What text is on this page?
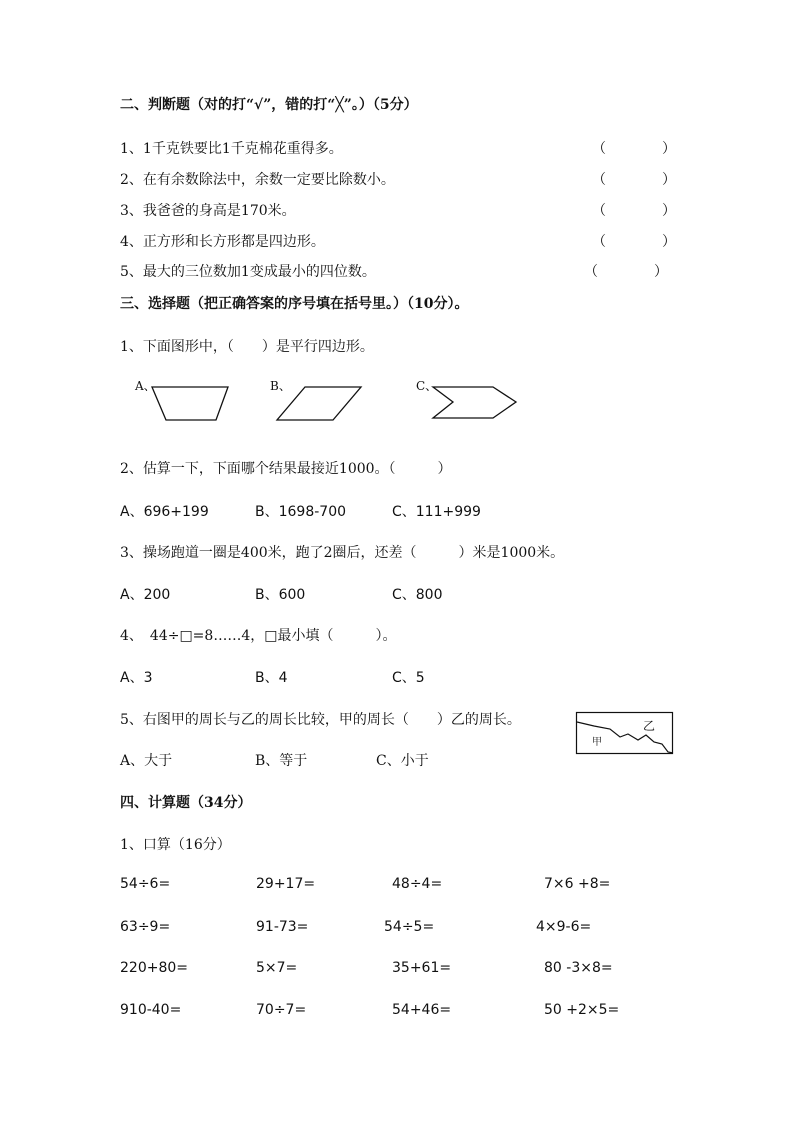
二、判断题（对的打“√”，错的打“╳”。）（5分）
1、1千克铁要比1千克棉花重得多。	（　　　　）
2、在有余数除法中，余数一定要比除数小。	（　　　　）
3、我爸爸的身高是170米。	（　　　　）
4、正方形和长方形都是四边形。	（　　　　）
5、最大的三位数加1变成最小的四位数。	（　　　　）
三、选择题（把正确答案的序号填在括号里。）（10分）。
1、下面图形中，（　　）是平行四边形。
A、	B、	C、
2、估算一下，下面哪个结果最接近1000。（　　　）
A、696+199	B、1698-700	C、111+999
3、操场跑道一圈是400米，跑了2圈后，还差（　　　）米是1000米。
A、200	B、600	C、800
4、　44÷□=8……4，□最小填（　　　）。
A、3	B、4	C、5
5、右图甲的周长与乙的周长比较，甲的周长（　　）乙的周长。	乙
甲
A、大于	B、等于	C、小于
四、计算题（34分）
1、口算（16分）
54÷6=	29+17=	48÷4=	7×6 +8=
63÷9=	91-73=	54÷5=	4×9-6=
220+80=	5×7=	35+61=	80 -3×8=
910-40=	70÷7=	54+46=	50 +2×5=
